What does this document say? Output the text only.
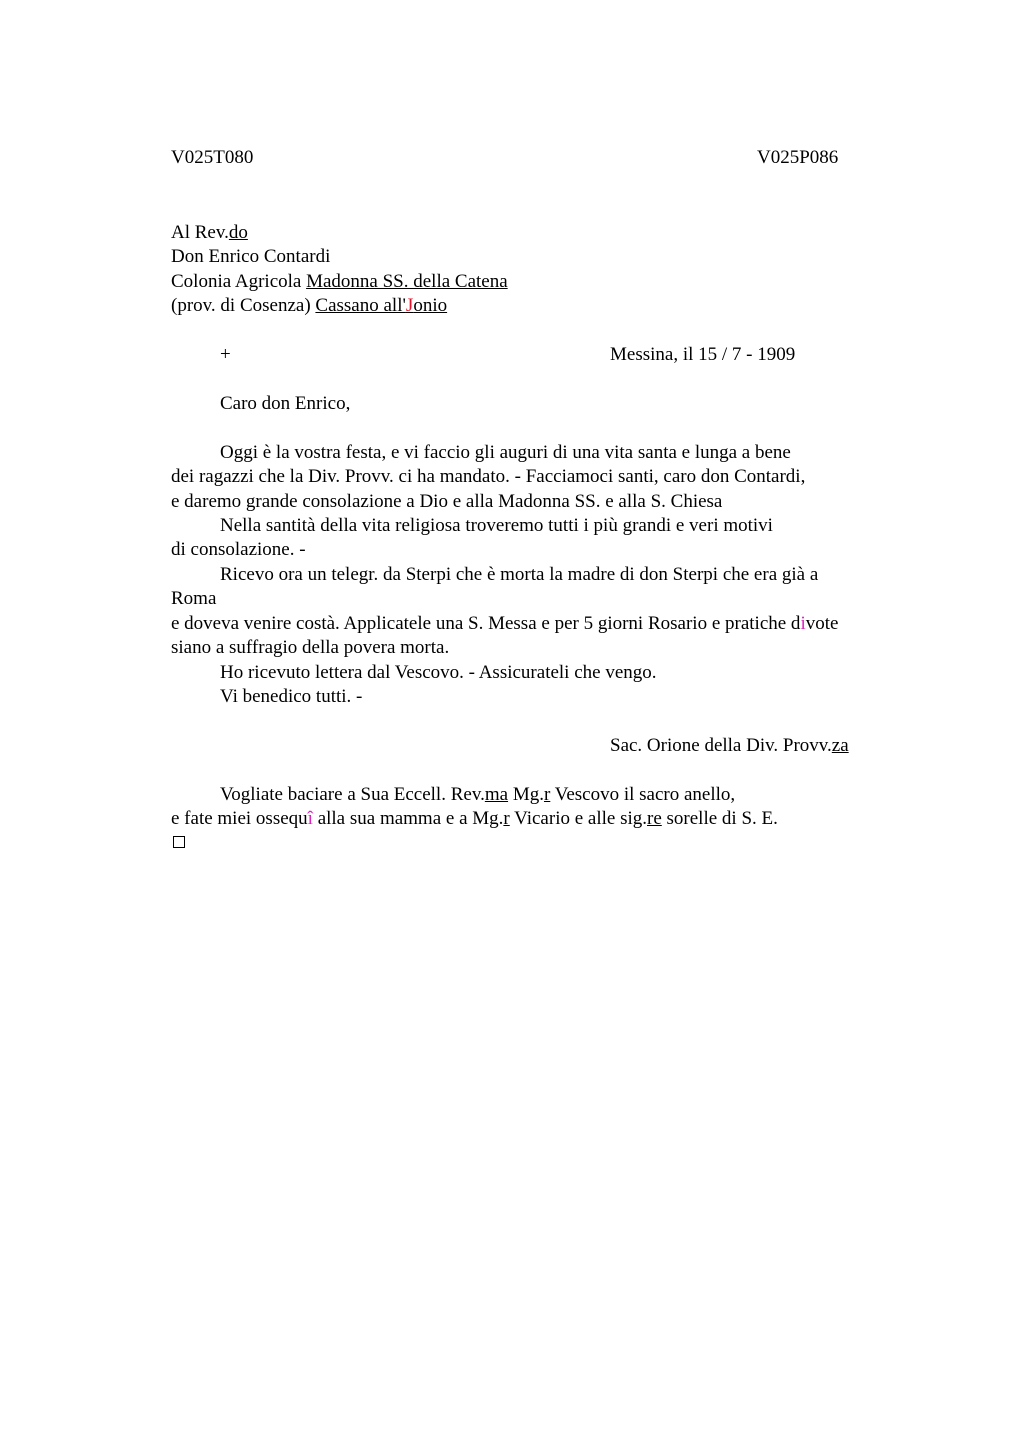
V025T080	V025P086
Al Rev.do
Don Enrico Contardi
Colonia Agricola Madonna SS. della Catena
(prov. di Cosenza) Cassano all'Jonio
+	Messina, il 15 / 7 - 1909
Caro don Enrico,
Oggi è la vostra festa, e vi faccio gli auguri di una vita santa e lunga a bene
dei ragazzi che la Div. Provv. ci ha mandato. - Facciamoci santi, caro don Contardi,
e daremo grande consolazione a Dio e alla Madonna SS. e alla S. Chiesa
Nella santità della vita religiosa troveremo tutti i più grandi e veri motivi
di consolazione. -
Ricevo ora un telegr. da Sterpi che è morta la madre di don Sterpi che era già a
Roma
e doveva venire costà. Applicatele una S. Messa e per 5 giorni Rosario e pratiche divote
siano a suffragio della povera morta.
Ho ricevuto lettera dal Vescovo. - Assicurateli che vengo.
Vi benedico tutti. -
Sac. Orione della Div. Provv.za
Vogliate baciare a Sua Eccell. Rev.ma Mg.r Vescovo il sacro anello,
e fate miei ossequî alla sua mamma e a Mg.r Vicario e alle sig.re sorelle di S. E.
